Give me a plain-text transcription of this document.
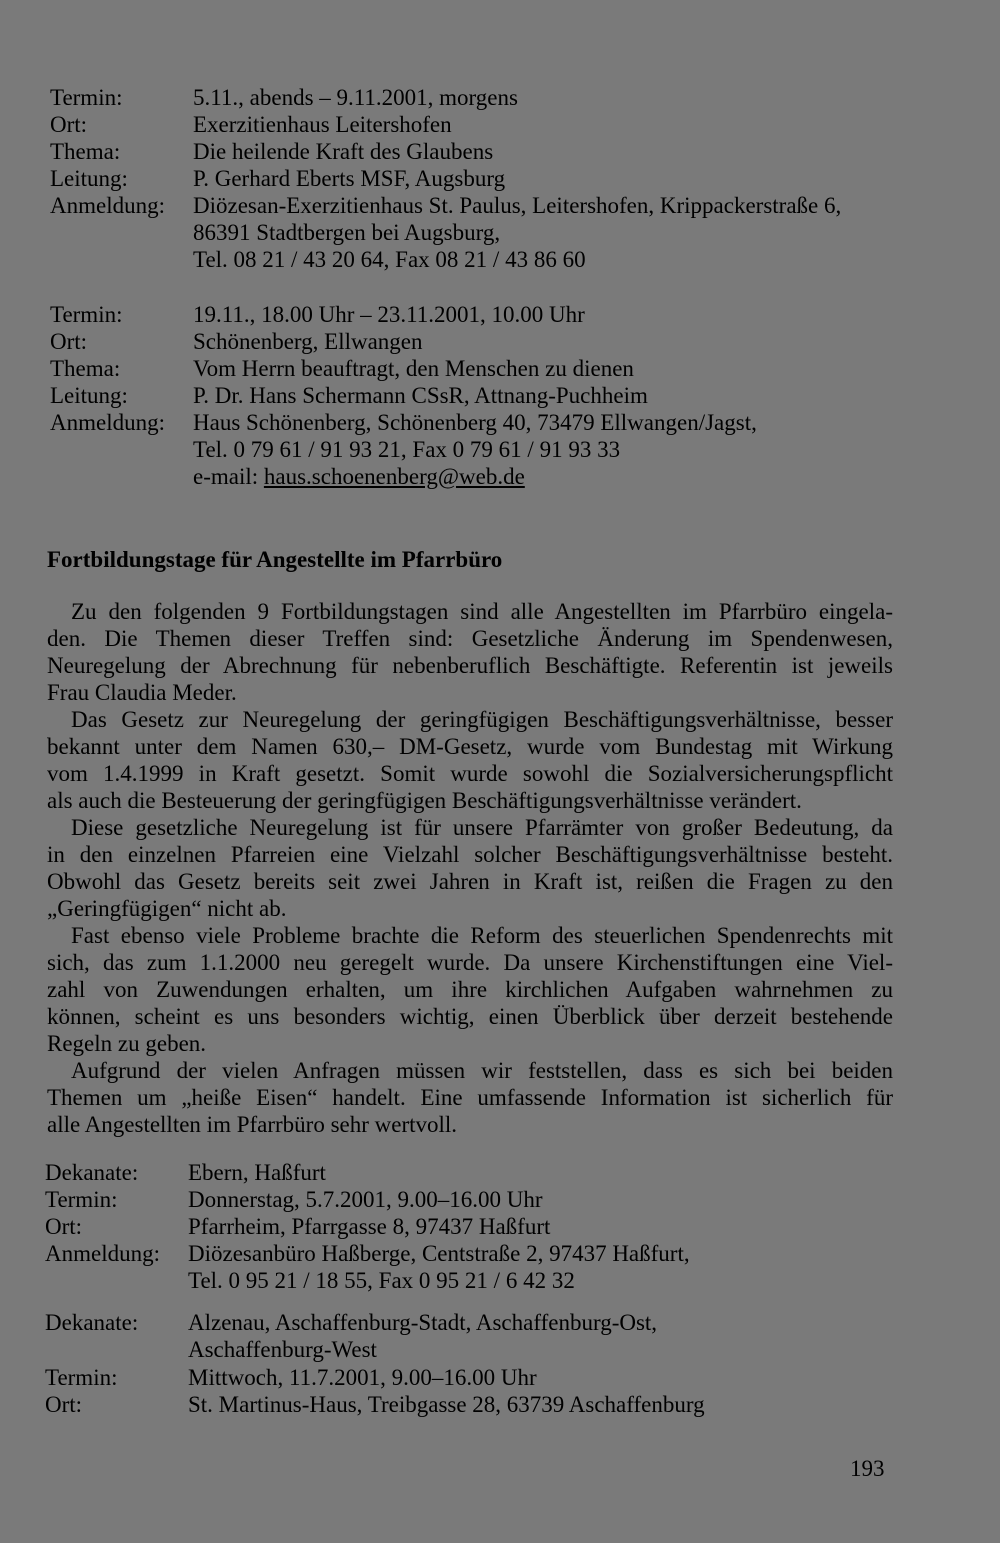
Termin:
Ort:
Thema:
Leitung:
Anmeldung:
5.11., abends – 9.11.2001, morgens
Exerzitienhaus Leitershofen
Die heilende Kraft des Glaubens
P. Gerhard Eberts MSF, Augsburg
Diözesan-Exerzitienhaus St. Paulus, Leitershofen, Krippackerstraße 6,
86391 Stadtbergen bei Augsburg,
Tel. 08 21 / 43 20 64, Fax 08 21 / 43 86 60
Termin:
Ort:
Thema:
Leitung:
Anmeldung:
19.11., 18.00 Uhr – 23.11.2001, 10.00 Uhr
Schönenberg, Ellwangen
Vom Herrn beauftragt, den Menschen zu dienen
P. Dr. Hans Schermann CSsR, Attnang-Puchheim
Haus Schönenberg, Schönenberg 40, 73479 Ellwangen/Jagst,
Tel. 0 79 61 / 91 93 21, Fax 0 79 61 / 91 93 33
e-mail: haus.schoenenberg@web.de
Fortbildungstage für Angestellte im Pfarrbüro
Zu den folgenden 9 Fortbildungstagen sind alle Angestellten im Pfarrbüro eingela-
den. Die Themen dieser Treffen sind: Gesetzliche Änderung im Spendenwesen,
Neuregelung der Abrechnung für nebenberuflich Beschäftigte. Referentin ist jeweils
Frau Claudia Meder.
Das Gesetz zur Neuregelung der geringfügigen Beschäftigungsverhältnisse, besser
bekannt unter dem Namen 630,– DM-Gesetz, wurde vom Bundestag mit Wirkung
vom 1.4.1999 in Kraft gesetzt. Somit wurde sowohl die Sozialversicherungspflicht
als auch die Besteuerung der geringfügigen Beschäftigungsverhältnisse verändert.
Diese gesetzliche Neuregelung ist für unsere Pfarrämter von großer Bedeutung, da
in den einzelnen Pfarreien eine Vielzahl solcher Beschäftigungsverhältnisse besteht.
Obwohl das Gesetz bereits seit zwei Jahren in Kraft ist, reißen die Fragen zu den
„Geringfügigen“ nicht ab.
Fast ebenso viele Probleme brachte die Reform des steuerlichen Spendenrechts mit
sich, das zum 1.1.2000 neu geregelt wurde. Da unsere Kirchenstiftungen eine Viel-
zahl von Zuwendungen erhalten, um ihre kirchlichen Aufgaben wahrnehmen zu
können, scheint es uns besonders wichtig, einen Überblick über derzeit bestehende
Regeln zu geben.
Aufgrund der vielen Anfragen müssen wir feststellen, dass es sich bei beiden
Themen um „heiße Eisen“ handelt. Eine umfassende Information ist sicherlich für
alle Angestellten im Pfarrbüro sehr wertvoll.
Dekanate:
Termin:
Ort:
Anmeldung:
Ebern, Haßfurt
Donnerstag, 5.7.2001, 9.00–16.00 Uhr
Pfarrheim, Pfarrgasse 8, 97437 Haßfurt
Diözesanbüro Haßberge, Centstraße 2, 97437 Haßfurt,
Tel. 0 95 21 / 18 55, Fax 0 95 21 / 6 42 32
Dekanate:
Termin:
Ort:
Alzenau, Aschaffenburg-Stadt, Aschaffenburg-Ost,
Aschaffenburg-West
Mittwoch, 11.7.2001, 9.00–16.00 Uhr
St. Martinus-Haus, Treibgasse 28, 63739 Aschaffenburg
193
